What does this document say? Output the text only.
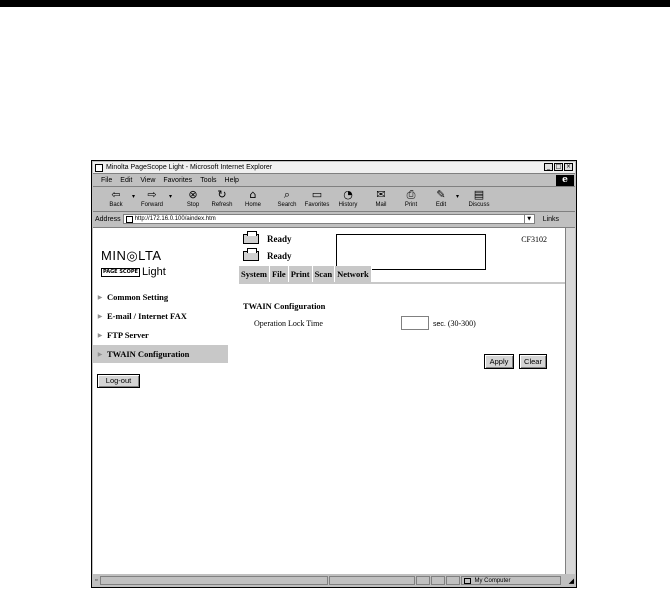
Minolta PageScope Light - Microsoft Internet Explorer	_ □ ×
File Edit View Favorites Tools Help	e
⇦
Back
▾	⇨
Forward
▾	⊗
Stop
↻
Refresh
⌂
Home
⌕
Search
▭
Favorites
◔
History
✉
Mail
⎙
Print
✎
Edit
▾	▤
Discuss
Address http://172.16.0.100/aindex.htm	▼	Links
MIN◎LTA
PAGE SCOPE Light
Ready
Ready
CF3102
System File Print Scan Network
▶ Common Setting
▶ E-mail / Internet FAX
▶ FTP Server
▶ TWAIN Configuration
Log-out
TWAIN Configuration
Operation Lock Time	sec. (30-300)
Apply	Clear
▫	My Computer	◢
